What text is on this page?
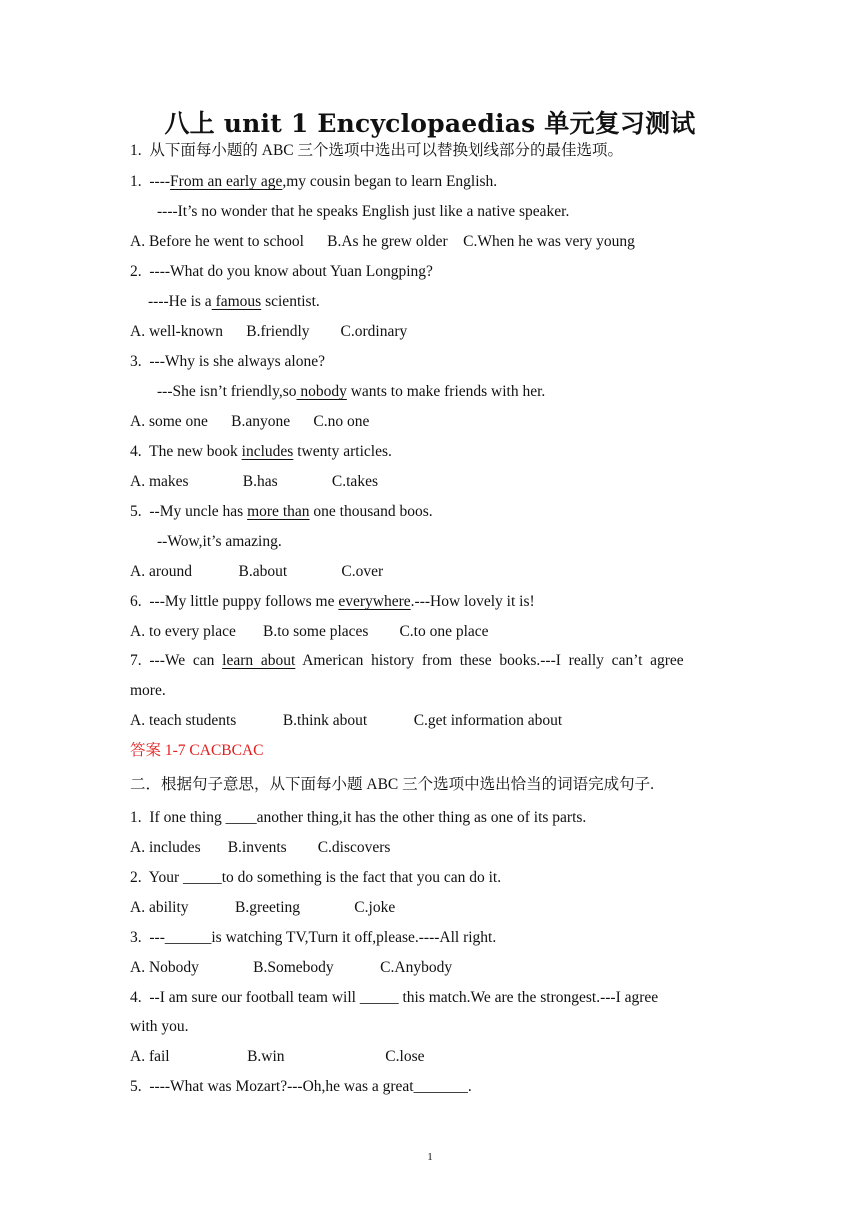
八上 unit 1 Encyclopaedias 单元复习测试
1.  从下面每小题的 ABC 三个选项中选出可以替换划线部分的最佳选项。
1.  ----From an early age,my cousin began to learn English.
----It’s no wonder that he speaks English just like a native speaker.
A. Before he went to school      B.As he grew older    C.When he was very young
2.  ----What do you know about Yuan Longping?
----He is a famous scientist.
A. well-known      B.friendly        C.ordinary
3.  ---Why is she always alone?
---She isn’t friendly,so nobody wants to make friends with her.
A. some one      B.anyone      C.no one
4.  The new book includes twenty articles.
A. makes              B.has              C.takes
5.  --My uncle has more than one thousand boos.
--Wow,it’s amazing.
A. around            B.about              C.over
6.  ---My little puppy follows me everywhere.---How lovely it is!
A. to every place       B.to some places        C.to one place
7.  ---We  can  learn  about  American  history  from  these  books.---I  really  can’t  agree
more.
A. teach students            B.think about            C.get information about
答案 1-7 CACBCAC
二．根据句子意思，从下面每小题 ABC 三个选项中选出恰当的词语完成句子.
1.  If one thing ____another thing,it has the other thing as one of its parts.
A. includes       B.invents        C.discovers
2.  Your _____to do something is the fact that you can do it.
A. ability            B.greeting              C.joke
3.  ---______is watching TV,Turn it off,please.----All right.
A. Nobody              B.Somebody            C.Anybody
4.  --I am sure our football team will _____ this match.We are the strongest.---I agree
with you.
A. fail                    B.win                          C.lose
5.  ----What was Mozart?---Oh,he was a great_______.
1
